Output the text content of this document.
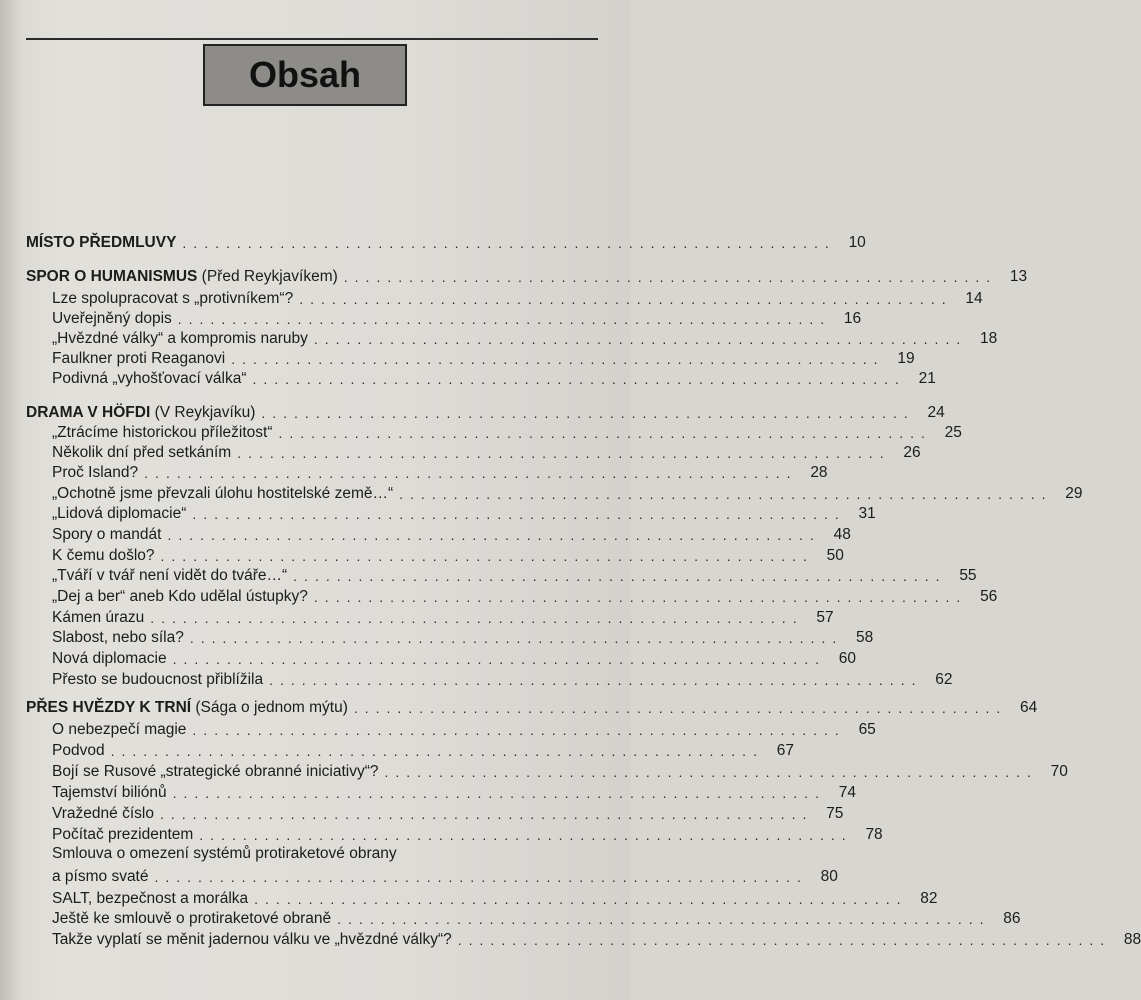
Obsah
MÍSTO PŘEDMLUVY ............................................................ 10
SPOR O HUMANISMUS (Před Reykjavíkem) ............................................................ 13
Lze spolupracovat s „protivníkem“? ............................................................ 14
Uveřejněný dopis ............................................................ 16
„Hvězdné války“ a kompromis naruby ............................................................ 18
Faulkner proti Reaganovi ............................................................ 19
Podivná „vyhošťovací válka“ ............................................................ 21
DRAMA V HÖFDI (V Reykjavíku) ............................................................ 24
„Ztrácíme historickou příležitost“ ............................................................ 25
Několik dní před setkáním ............................................................ 26
Proč Island? ............................................................ 28
„Ochotně jsme převzali úlohu hostitelské země…“ ............................................................ 29
„Lidová diplomacie“ ............................................................ 31
Spory o mandát ............................................................ 48
K čemu došlo? ............................................................ 50
„Tváří v tvář není vidět do tváře…“ ............................................................ 55
„Dej a ber“ aneb Kdo udělal ústupky? ............................................................ 56
Kámen úrazu ............................................................ 57
Slabost, nebo síla? ............................................................ 58
Nová diplomacie ............................................................ 60
Přesto se budoucnost přiblížila ............................................................ 62
PŘES HVĚZDY K TRNÍ (Sága o jednom mýtu) ............................................................ 64
O nebezpečí magie ............................................................ 65
Podvod ............................................................ 67
Bojí se Rusové „strategické obranné iniciativy“? ............................................................ 70
Tajemství biliónů ............................................................ 74
Vražedné číslo ............................................................ 75
Počítač prezidentem ............................................................ 78
Smlouva o omezení systémů protiraketové obrany
a písmo svaté ............................................................ 80
SALT, bezpečnost a morálka ............................................................ 82
Ještě ke smlouvě o protiraketové obraně ............................................................ 86
Takže vyplatí se měnit jadernou válku ve „hvězdné války“? ............................................................ 88
